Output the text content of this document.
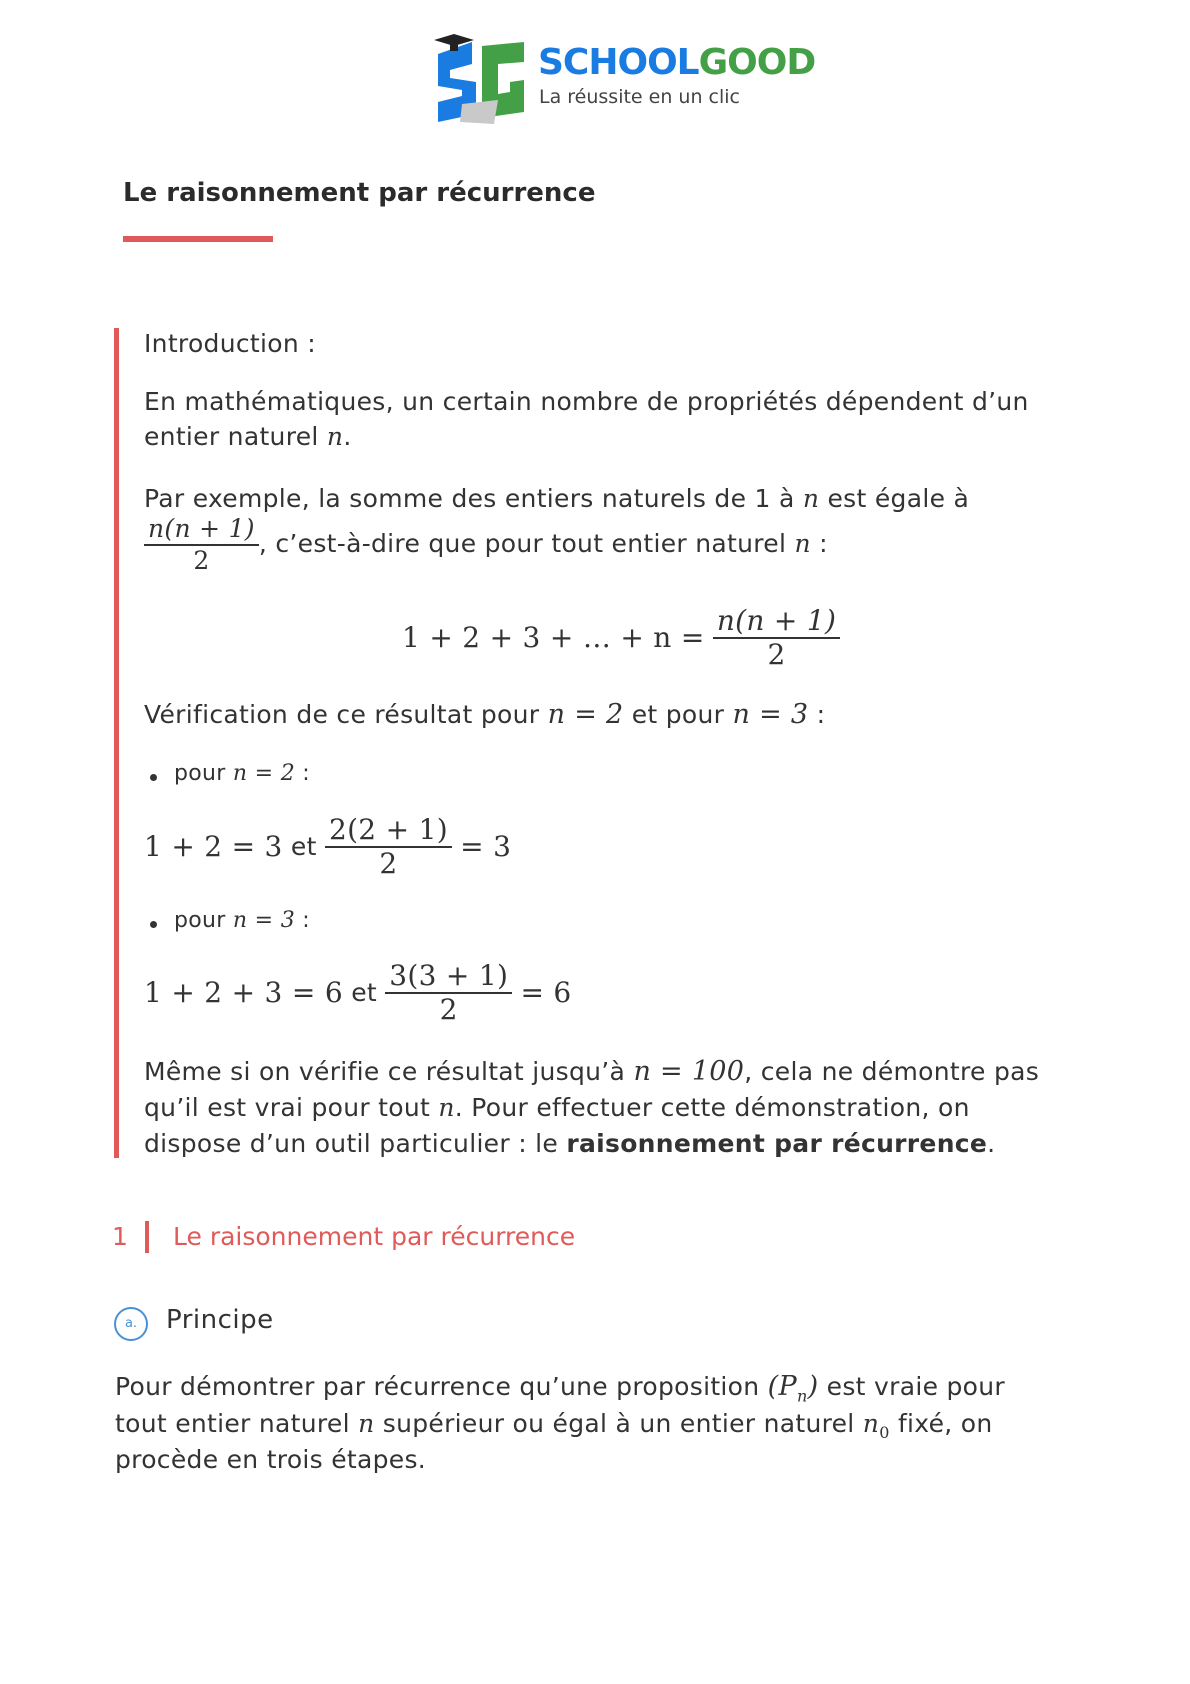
SCHOOLGOOD
La réussite en un clic
Le raisonnement par récurrence
Introduction :
En mathématiques, un certain nombre de propriétés dépendent d’un
entier naturel n.
Par exemple, la somme des entiers naturels de 1 à n est égale à
$\frac{n(n + 1)}{2}$ , c’est-à-dire que pour tout entier naturel n :
1 + 2 + 3 + … + $n = \frac{n(n + 1)}{2}$
Vérification de ce résultat pour n = 2 et pour n = 3 :
pour n = 2 :
1 + 2 = 3 et $\frac{2(2 + 1)}{2} = 3$
pour n = 3 :
1 + 2 + 3 = 6 et $\frac{3(3 + 1)}{2} = 6$
Même si on vérifie ce résultat jusqu’à n = 100, cela ne démontre pas
qu’il est vrai pour tout n. Pour effectuer cette démonstration, on
dispose d’un outil particulier : le raisonnement par récurrence.
1 Le raisonnement par récurrence
a.	Principe
Pour démontrer par récurrence qu’une proposition $(P_n)$ est vraie pour
tout entier naturel n supérieur ou égal à un entier naturel $n_0$ fixé, on
procède en trois étapes.
